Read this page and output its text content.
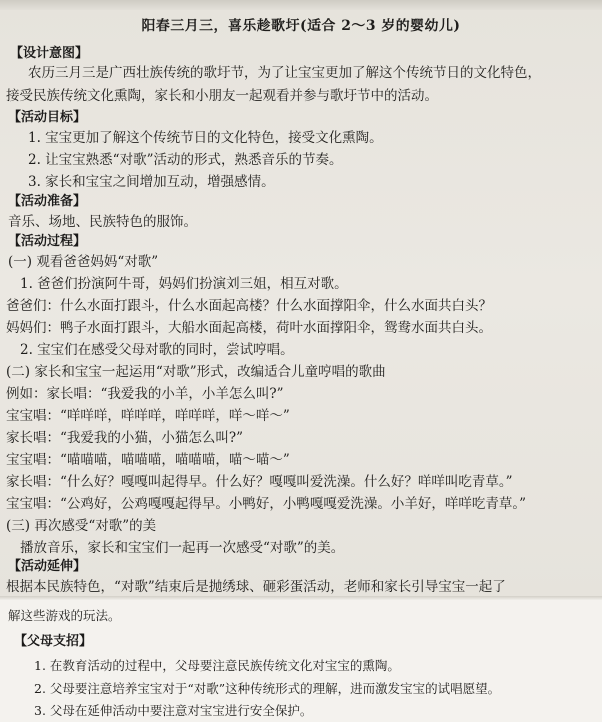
阳春三月三，喜乐趁歌圩(适合 2～3 岁的婴幼儿)
【设计意图】
农历三月三是广西壮族传统的歌圩节，为了让宝宝更加了解这个传统节日的文化特色，
接受民族传统文化熏陶，家长和小朋友一起观看并参与歌圩节中的活动。
【活动目标】
1. 宝宝更加了解这个传统节日的文化特色，接受文化熏陶。
2. 让宝宝熟悉“对歌”活动的形式，熟悉音乐的节奏。
3. 家长和宝宝之间增加互动，增强感情。
【活动准备】
音乐、场地、民族特色的服饰。
【活动过程】
(一) 观看爸爸妈妈“对歌”
1. 爸爸们扮演阿牛哥，妈妈们扮演刘三姐，相互对歌。
爸爸们：什么水面打跟斗，什么水面起高楼？什么水面撑阳伞，什么水面共白头？
妈妈们：鸭子水面打跟斗，大船水面起高楼，荷叶水面撑阳伞，鸳鸯水面共白头。
2. 宝宝们在感受父母对歌的同时，尝试哼唱。
(二) 家长和宝宝一起运用“对歌”形式，改编适合儿童哼唱的歌曲
例如：家长唱：“我爱我的小羊，小羊怎么叫?”
宝宝唱：“咩咩咩，咩咩咩，咩咩咩，咩～咩～”
家长唱：“我爱我的小猫，小猫怎么叫?”
宝宝唱：“喵喵喵，喵喵喵，喵喵喵，喵～喵～”
家长唱：“什么好？嘎嘎叫起得早。什么好？嘎嘎叫爱洗澡。什么好？咩咩叫吃青草。”
宝宝唱：“公鸡好，公鸡嘎嘎起得早。小鸭好，小鸭嘎嘎爱洗澡。小羊好，咩咩吃青草。”
(三) 再次感受“对歌”的美
播放音乐，家长和宝宝们一起再一次感受“对歌”的美。
【活动延伸】
根据本民族特色，“对歌”结束后是抛绣球、砸彩蛋活动，老师和家长引导宝宝一起了
解这些游戏的玩法。
【父母支招】
1. 在教育活动的过程中，父母要注意民族传统文化对宝宝的熏陶。
2. 父母要注意培养宝宝对于“对歌”这种传统形式的理解，进而激发宝宝的试唱愿望。
3. 父母在延伸活动中要注意对宝宝进行安全保护。
